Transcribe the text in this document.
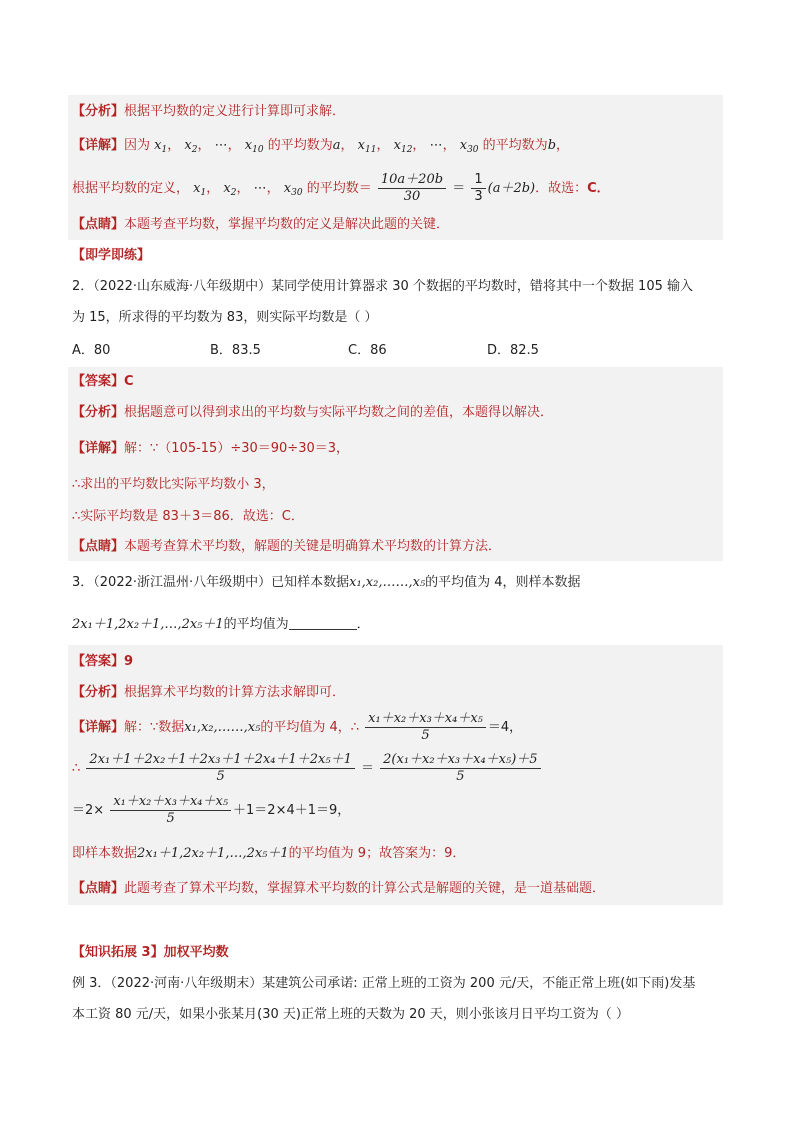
【分析】根据平均数的定义进行计算即可求解．
【详解】因为 $x_1$， $x_2$， ⋯， $x_{10}$ 的平均数为a， $x_{11}$， $x_{12}$， ⋯， $x_{30}$ 的平均数为b，
根据平均数的定义， $x_1$， $x_2$， ⋯， $x_{30}$ 的平均数＝ $\frac{10a+20b}{30} = \frac{1}{3} (a+2b)$．故选：C．
【点睛】本题考查平均数，掌握平均数的定义是解决此题的关键．
【即学即练】
2．（2022·山东威海·八年级期中）某同学使用计算器求 30 个数据的平均数时，错将其中一个数据 105 输入
为 15，所求得的平均数为 83，则实际平均数是（ ）
A．80	B．83.5	C．86	D．82.5
【答案】C
【分析】根据题意可以得到求出的平均数与实际平均数之间的差值，本题得以解决．
【详解】解：∵（105-15）÷30＝90÷30＝3，
∴求出的平均数比实际平均数小 3，
∴实际平均数是 83＋3＝86．故选：C．
【点睛】本题考查算术平均数，解题的关键是明确算术平均数的计算方法．
3．（2022·浙江温州·八年级期中）已知样本数据x₁,x₂,……,x₅的平均值为 4，则样本数据
2x₁＋1,2x₂＋1,…,2x₅＋1的平均值为	．
【答案】9
【分析】根据算术平均数的计算方法求解即可．
【详解】解：∵数据x₁,x₂,……,x₅的平均值为 4，∴ $\frac{\text{x₁＋x₂＋x₃＋x₄＋x₅}}{5} =4$，
∴ $\frac{\text{2x₁＋1＋2x₂＋1＋2x₃＋1＋2x₄＋1＋2x₅＋1}}{5} = \frac{\text{2(x₁＋x₂＋x₃＋x₄＋x₅)＋5}}{5}$
$=2\times \frac{\text{x₁＋x₂＋x₃＋x₄＋x₅}}{5} +1=2\times 4+1=9$，
即样本数据2x₁＋1,2x₂＋1,…,2x₅＋1的平均值为 9；故答案为：9．
【点睛】此题考查了算术平均数，掌握算术平均数的计算公式是解题的关键，是一道基础题．
【知识拓展 3】加权平均数
例 3．（2022·河南·八年级期末）某建筑公司承诺: 正常上班的工资为 200 元/天，不能正常上班(如下雨)发基
本工资 80 元/天，如果小张某月(30 天)正常上班的天数为 20 天，则小张该月日平均工资为（ ）
